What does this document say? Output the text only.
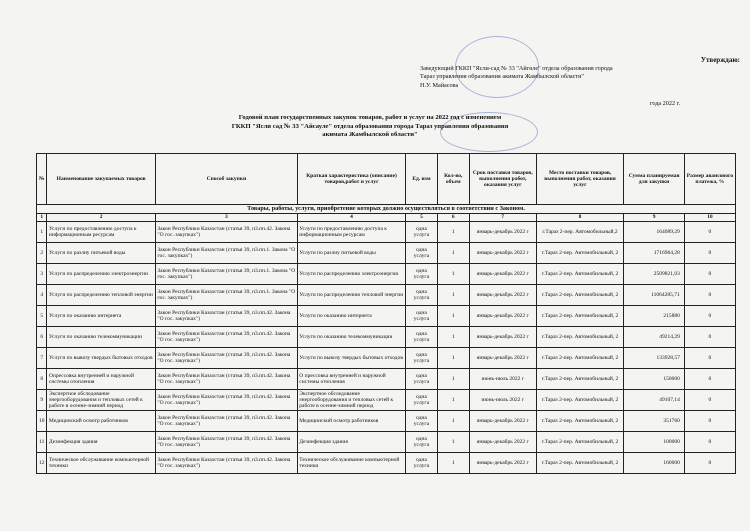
Утверждаю:
Заведующий ГККП "Ясли-сад № 33 "Айгөле" отдела образования города
Тараз управления образования акимата Жамбылской области"
Н.У. Майасова
года 2022 г.
Годовой план государственных закупок товаров, работ и услуг на 2022 год с изменением
ГККП "Ясли сад № 33 "Айсауле" отдела образования города Тараз управления образования
акимата Жамбылской области"
№	Наименование закупаемых товаров	Способ закупки	Краткая характеристика (описание) товаров,работ и услуг	Ед. изм	Кол-во, объем	Срок поставки товаров, выполнения работ, оказания услуг	Место поставки товаров, выполнения работ, оказания услуг	Сумма планируемая для закупки	Размер авансового платежа, %
Товары, работы, услуги, приобретение которых должно осуществляться в соответствии с Законом.									
1	2	3	4	5	6	7	8	9	10
1	Услуги по предоставлению доступа к информационным ресурсам	Закон Республики Казахстан (статья 39, п3.пп.42. Закона "О гос. закупках")	Услуги по предоставлению доступа к информационным ресурсам	одна услуга	1	январь-декабрь 2022 г	г.Тараз 2-пер. Автомобильный,2	164089,29	0
2	Услуги по разлиу питьевой воды	Закон Республики Казахстан (статья 39, п3.пп.1. Закона "О гос. закупках")	Услуги по разлиу питьевой воды	одна услуга	1	январь-декабрь 2022 г	г.Тараз 2-пер. Автомобильный, 2	1716964,28	0
3	Услуги по распределению электроэнергии	Закон Республики Казахстан (статья 39, п3.пп.1. Закона "О гос. закупках")	Услуги по распределению электроэнергии	одна услуга	1	январь-декабрь 2022 г	г.Тараз 2-пер. Автомобильный, 2	2509821,03	0
4	Услуги по распределению тепловой энергии	Закон Республики Казахстан (статья 39, п3.пп.1. Закона "О гос. закупках")	Услуги по распределению тепловой энергии	одна услуга	1	январь-декабрь 2022 г	г.Тараз 2-пер. Автомобильный, 2	11064285,71	0
5	Услуги по оказанию интернета	Закон Республики Казахстан (статья 39, п3.пп.42. Закона "О гос. закупках")	Услуги по оказанию интернета	одна услуга	1	январь-декабрь 2022 г	г.Тараз 2-пер. Автомобильный, 2	215880	0
6	Услуги по оказанию телекоммуникации	Закон Республики Казахстан (статья 39, п3.пп.42. Закона "О гос. закупках")	Услуги по оказанию телекоммуникации	одна услуга	1	январь-декабрь 2022 г	г.Тараз 2-пер. Автомобильный, 2	49214,29	0
7	Услуги по вывозу твердых бытовых отходов	Закон Республики Казахстан (статья 39, п3.пп.42. Закона "О гос. закупках")	Услуги по вывозу твердых бытовых отходов	одна услуга	1	январь-декабрь 2022 г	г.Тараз 2-пер. Автомобильный, 2	133928,57	0
8	Опрессовка внутренней и наружной системы отопления	Закон Республики Казахстан (статья 39, п3.пп.42. Закона "О гос. закупках")	О прессовка внутренней и наружной системы отопления	одна услуга	1	июнь-июль 2022 г	г.Тараз 2-пер. Автомобильный, 2	150000	0
9	Экспертное обследование энергооборудования и тепловых сетей к работе в осенне-зимний период	Закон Республики Казахстан (статья 39, п3.пп.42. Закона "О гос. закупках")	Экспертное обследование энергооборудования и тепловых сетей к работе в осенне-зимний период	одна услуга	1	июнь-июль 2022 г	г.Тараз 2-пер. Автомобильный, 2	49107,14	0
10	Медицинский осмотр работников	Закон Республики Казахстан (статья 39, п3.пп.42. Закона "О гос. закупках")	Медицинский осмотр работников	одна услуга	1	январь-декабрь 2022 г	г.Тараз 2-пер. Автомобильный, 2	351760	0
11	Дезинфекция здания	Закон Республики Казахстан (статья 39, п3.пп.42. Закона "О гос. закупках")	Дезинфекция здания	одна услуга	1	январь-декабрь 2022 г	г.Тараз 2-пер. Автомобильный, 2	100000	0
12	Техническое обслуживание компьютерной техники	Закон Республики Казахстан (статья 39, п3.пп.42. Закона "О гос. закупках")	Техническое обслуживание компьютерной техники	одна услуга	1	январь-декабрь 2022 г	г.Тараз 2-пер. Автомобильный, 2	160000	0
